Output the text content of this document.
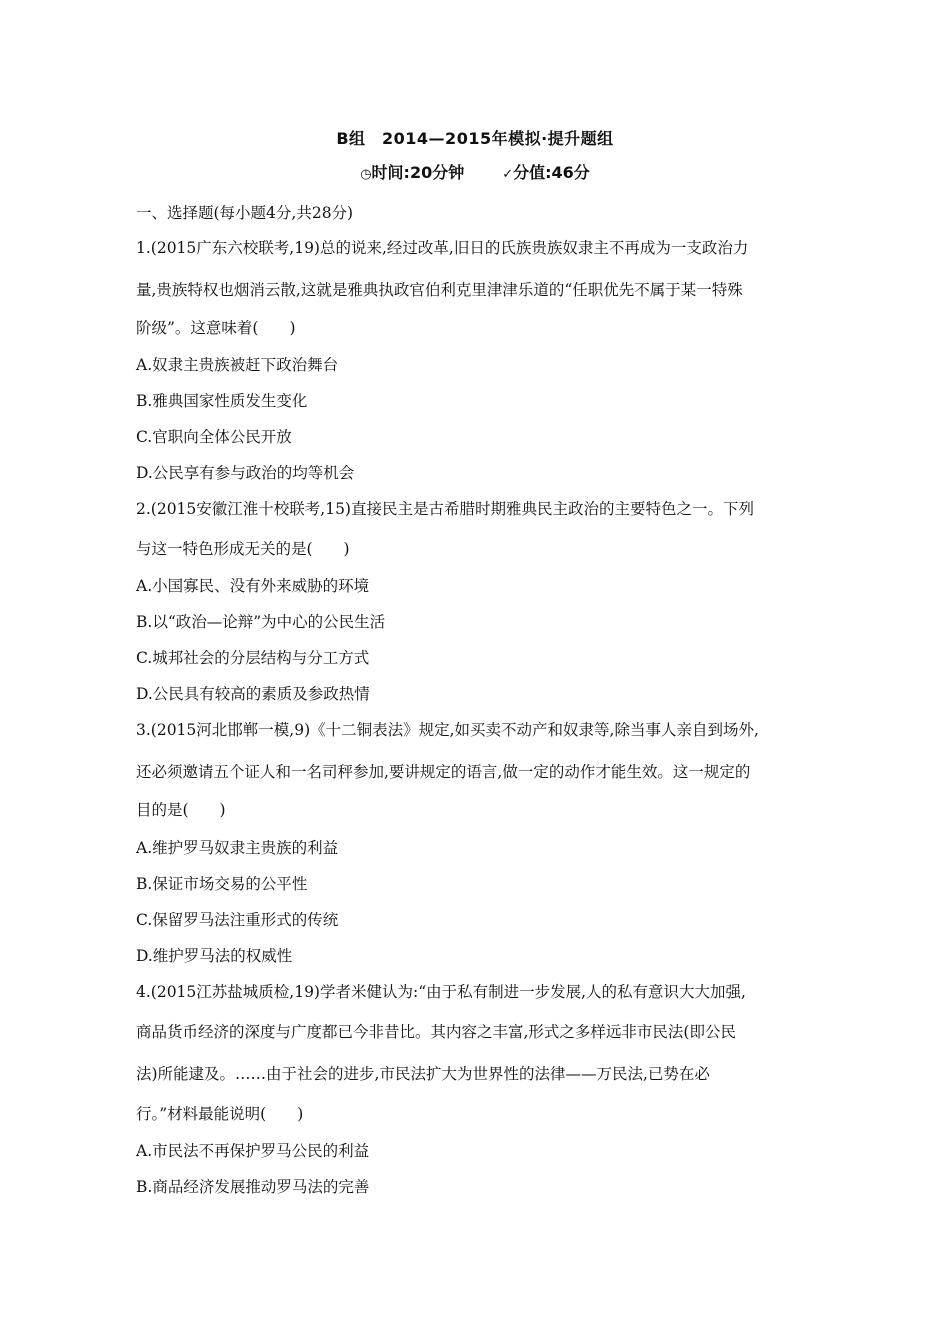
B组　2014—2015年模拟·提升题组
◷时间:20分钟	✓分值:46分
一、选择题(每小题4分,共28分)
1.(2015广东六校联考,19)总的说来,经过改革,旧日的氏族贵族奴隶主不再成为一支政治力
量,贵族特权也烟消云散,这就是雅典执政官伯利克里津津乐道的“任职优先不属于某一特殊
阶级”。这意味着(　　)
A.奴隶主贵族被赶下政治舞台
B.雅典国家性质发生变化
C.官职向全体公民开放
D.公民享有参与政治的均等机会
2.(2015安徽江淮十校联考,15)直接民主是古希腊时期雅典民主政治的主要特色之一。下列
与这一特色形成无关的是(　　)
A.小国寡民、没有外来威胁的环境
B.以“政治—论辩”为中心的公民生活
C.城邦社会的分层结构与分工方式
D.公民具有较高的素质及参政热情
3.(2015河北邯郸一模,9)《十二铜表法》规定,如买卖不动产和奴隶等,除当事人亲自到场外,
还必须邀请五个证人和一名司秤参加,要讲规定的语言,做一定的动作才能生效。这一规定的
目的是(　　)
A.维护罗马奴隶主贵族的利益
B.保证市场交易的公平性
C.保留罗马法注重形式的传统
D.维护罗马法的权威性
4.(2015江苏盐城质检,19)学者米健认为:“由于私有制进一步发展,人的私有意识大大加强,
商品货币经济的深度与广度都已今非昔比。其内容之丰富,形式之多样远非市民法(即公民
法)所能逮及。……由于社会的进步,市民法扩大为世界性的法律——万民法,已势在必
行。”材料最能说明(　　)
A.市民法不再保护罗马公民的利益
B.商品经济发展推动罗马法的完善
